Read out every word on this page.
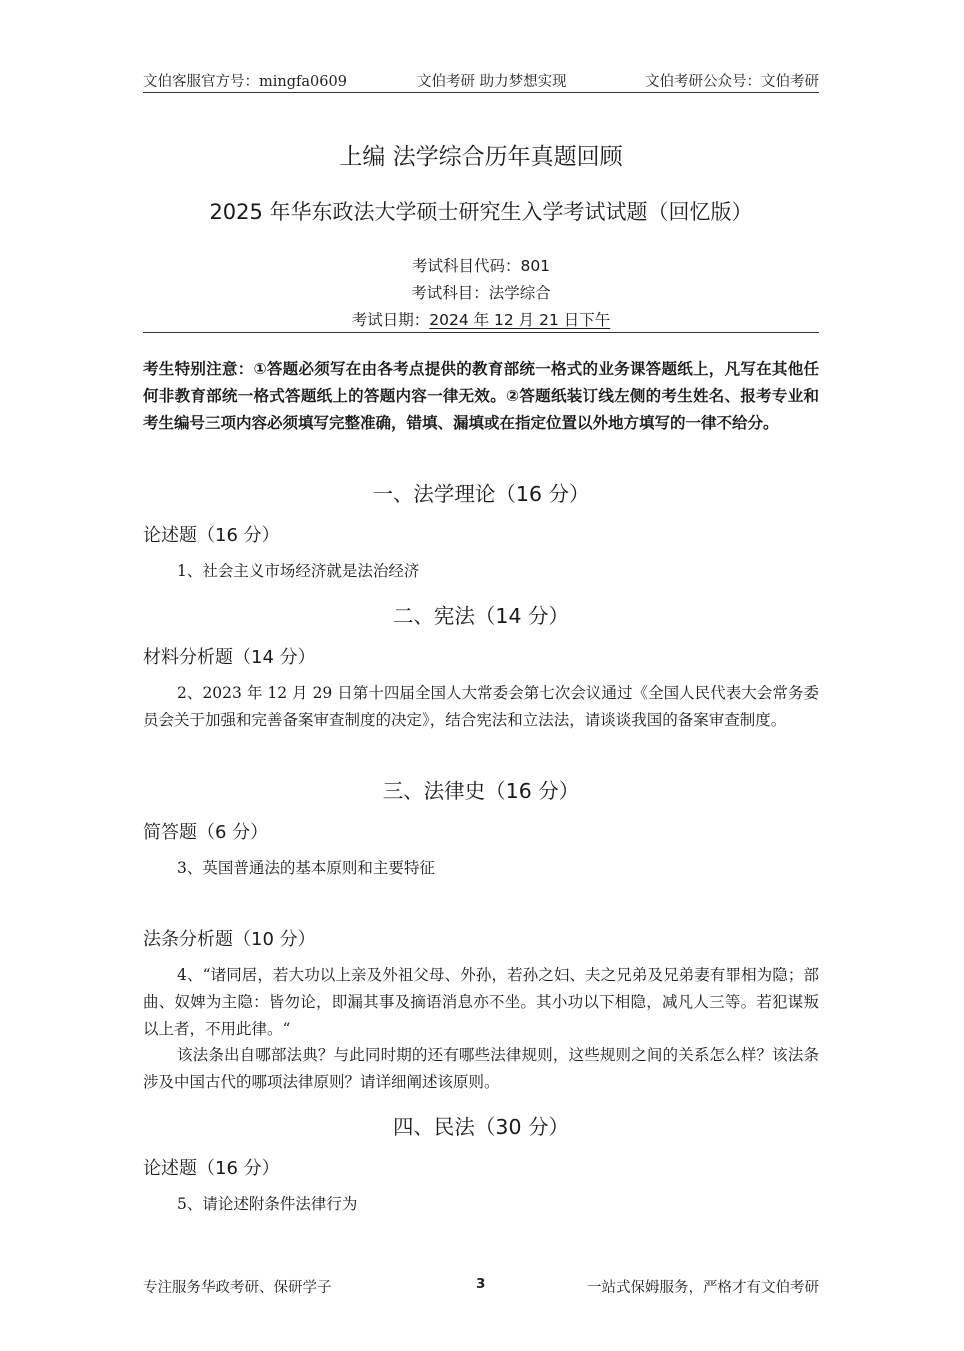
文伯客服官方号：mingfa0609	文伯考研 助力梦想实现	文伯考研公众号：文伯考研
上编 法学综合历年真题回顾
2025 年华东政法大学硕士研究生入学考试试题（回忆版）
考试科目代码：801
考试科目：法学综合
考试日期：2024 年 12 月 21 日下午
考生特别注意：①答题必须写在由各考点提供的教育部统一格式的业务课答题纸上，凡写在其他任何非教育部统一格式答题纸上的答题内容一律无效。②答题纸装订线左侧的考生姓名、报考专业和考生编号三项内容必须填写完整准确，错填、漏填或在指定位置以外地方填写的一律不给分。
一、法学理论（16 分）
论述题（16 分）
1、社会主义市场经济就是法治经济
二、宪法（14 分）
材料分析题（14 分）
2、2023 年 12 月 29 日第十四届全国人大常委会第七次会议通过《全国人民代表大会常务委员会关于加强和完善备案审查制度的决定》，结合宪法和立法法，请谈谈我国的备案审查制度。
三、法律史（16 分）
简答题（6 分）
3、英国普通法的基本原则和主要特征
法条分析题（10 分）
4、“诸同居，若大功以上亲及外祖父母、外孙，若孙之妇、夫之兄弟及兄弟妻有罪相为隐；部曲、奴婢为主隐：皆勿论，即漏其事及摘语消息亦不坐。其小功以下相隐，减凡人三等。若犯谋叛以上者，不用此律。“
该法条出自哪部法典？与此同时期的还有哪些法律规则，这些规则之间的关系怎么样？该法条涉及中国古代的哪项法律原则？请详细阐述该原则。
四、民法（30 分）
论述题（16 分）
5、请论述附条件法律行为
专注服务华政考研、保研学子	3	一站式保姆服务，严格才有文伯考研
